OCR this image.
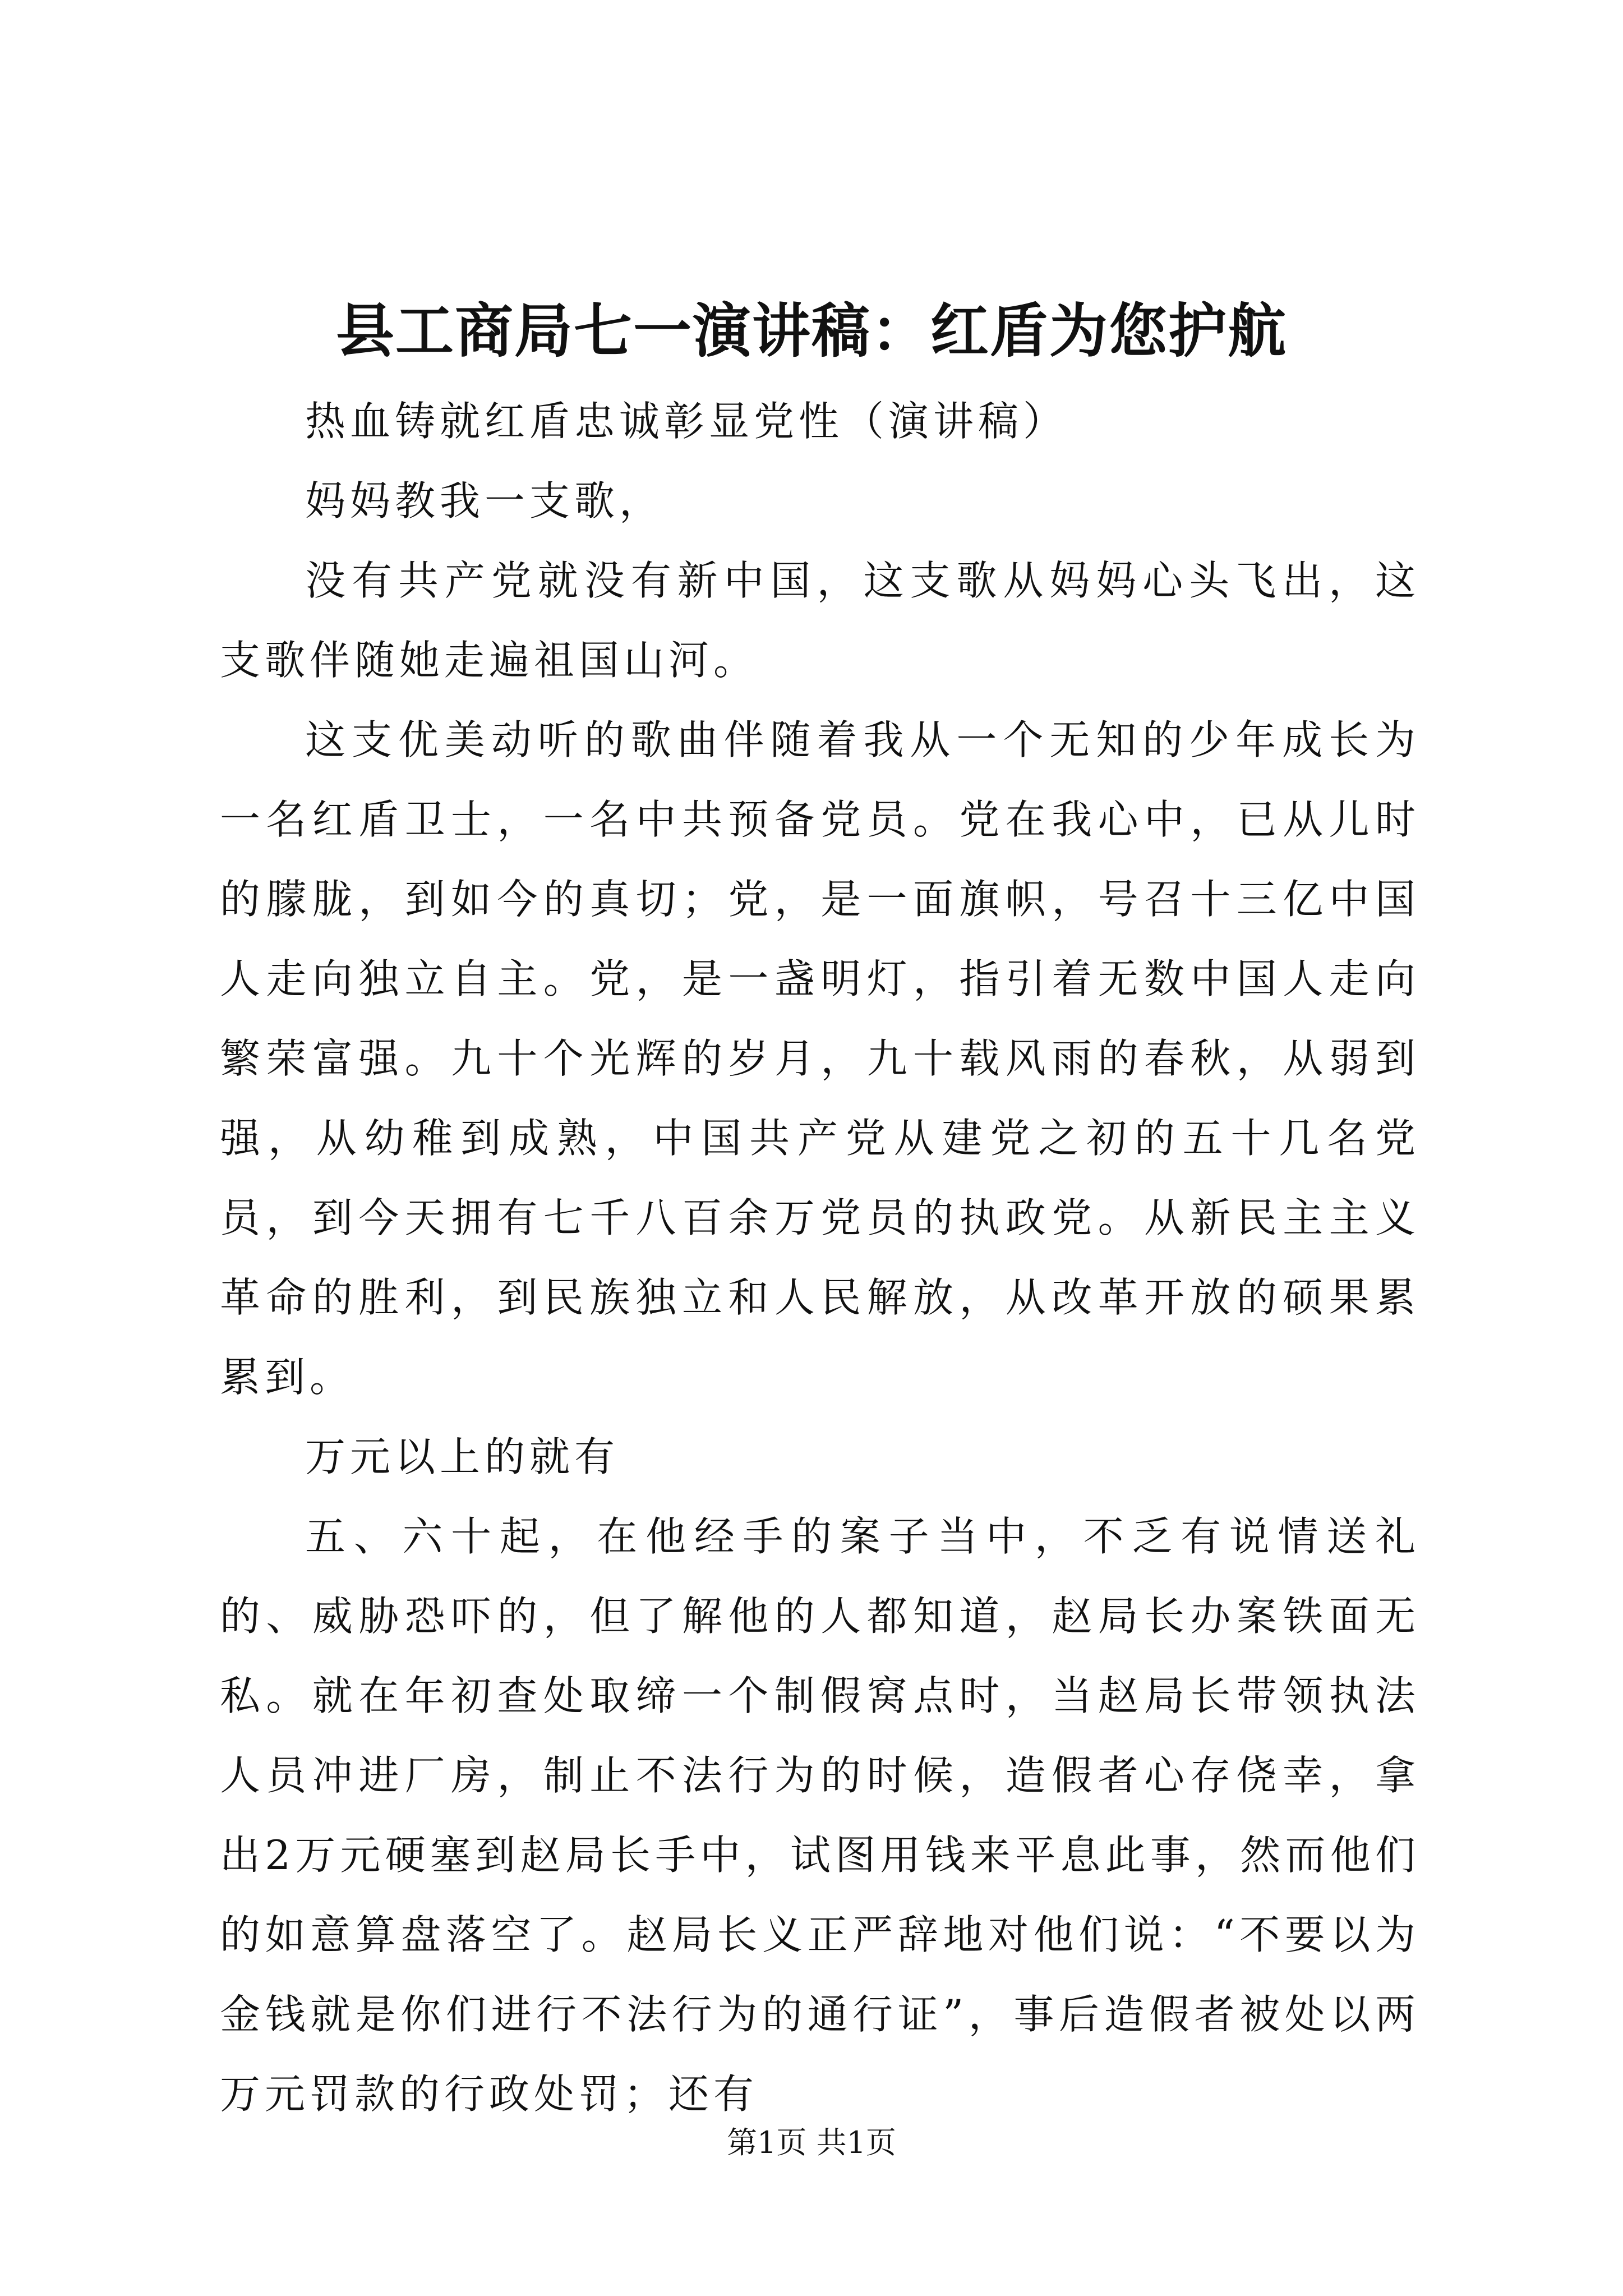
县工商局七一演讲稿：红盾为您护航

热血铸就红盾忠诚彰显党性（演讲稿）

妈妈教我一支歌，

没有共产党就没有新中国，这支歌从妈妈心头飞出，这支歌伴随她走遍祖国山河。

这支优美动听的歌曲伴随着我从一个无知的少年成长为一名红盾卫士，一名中共预备党员。党在我心中，已从儿时的朦胧，到如今的真切；党，是一面旗帜，号召十三亿中国人走向独立自主。党，是一盏明灯，指引着无数中国人走向繁荣富强。九十个光辉的岁月，九十载风雨的春秋，从弱到强，从幼稚到成熟，中国共产党从建党之初的五十几名党员，到今天拥有七千八百余万党员的执政党。从新民主主义革命的胜利，到民族独立和人民解放，从改革开放的硕果累累到。

万元以上的就有

五、六十起，在他经手的案子当中，不乏有说情送礼的、威胁恐吓的，但了解他的人都知道，赵局长办案铁面无私。就在年初查处取缔一个制假窝点时，当赵局长带领执法人员冲进厂房，制止不法行为的时候，造假者心存侥幸，拿出2万元硬塞到赵局长手中，试图用钱来平息此事，然而他们的如意算盘落空了。赵局长义正严辞地对他们说：“不要以为金钱就是你们进行不法行为的通行证”，事后造假者被处以两万元罚款的行政处罚；还有

第1页 共1页
